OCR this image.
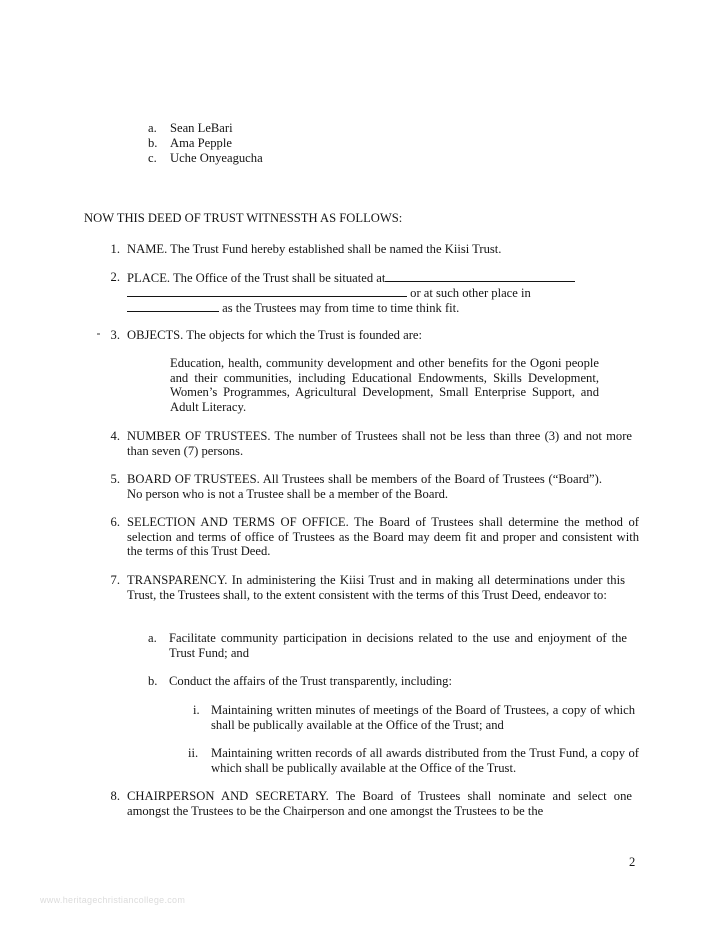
a.	Sean LeBari
b. Ama Pepple
c.	Uche Onyeagucha
NOW THIS DEED OF TRUST WITNESSTH AS FOLLOWS:
1. NAME. The Trust Fund hereby established shall be named the Kiisi Trust.
2. PLACE. The Office of the Trust shall be situated at
or at such other place in
as the Trustees may from time to time think fit.
3. OBJECTS. The objects for which the Trust is founded are:
Education, health, community development and other benefits for the Ogoni people and their communities, including Educational Endowments, Skills Development, Women’s Programmes, Agricultural Development, Small Enterprise Support, and Adult Literacy.
4. NUMBER OF TRUSTEES. The number of Trustees shall not be less than three (3) and not more than seven (7) persons.
5. BOARD OF TRUSTEES. All Trustees shall be members of the Board of Trustees (“Board”). No person who is not a Trustee shall be a member of the Board.
6. SELECTION AND TERMS OF OFFICE. The Board of Trustees shall determine the method of selection and terms of office of Trustees as the Board may deem fit and proper and consistent with the terms of this Trust Deed.
7. TRANSPARENCY. In administering the Kiisi Trust and in making all determinations under this Trust, the Trustees shall, to the extent consistent with the terms of this Trust Deed, endeavor to:
a. Facilitate community participation in decisions related to the use and enjoyment of the Trust Fund; and
b. Conduct the affairs of the Trust transparently, including:
i. Maintaining written minutes of meetings of the Board of Trustees, a copy of which shall be publically available at the Office of the Trust; and
ii. Maintaining written records of all awards distributed from the Trust Fund, a copy of which shall be publically available at the Office of the Trust.
8. CHAIRPERSON AND SECRETARY. The Board of Trustees shall nominate and select one amongst the Trustees to be the Chairperson and one amongst the Trustees to be the
2
www.heritagechristiancollege.com
